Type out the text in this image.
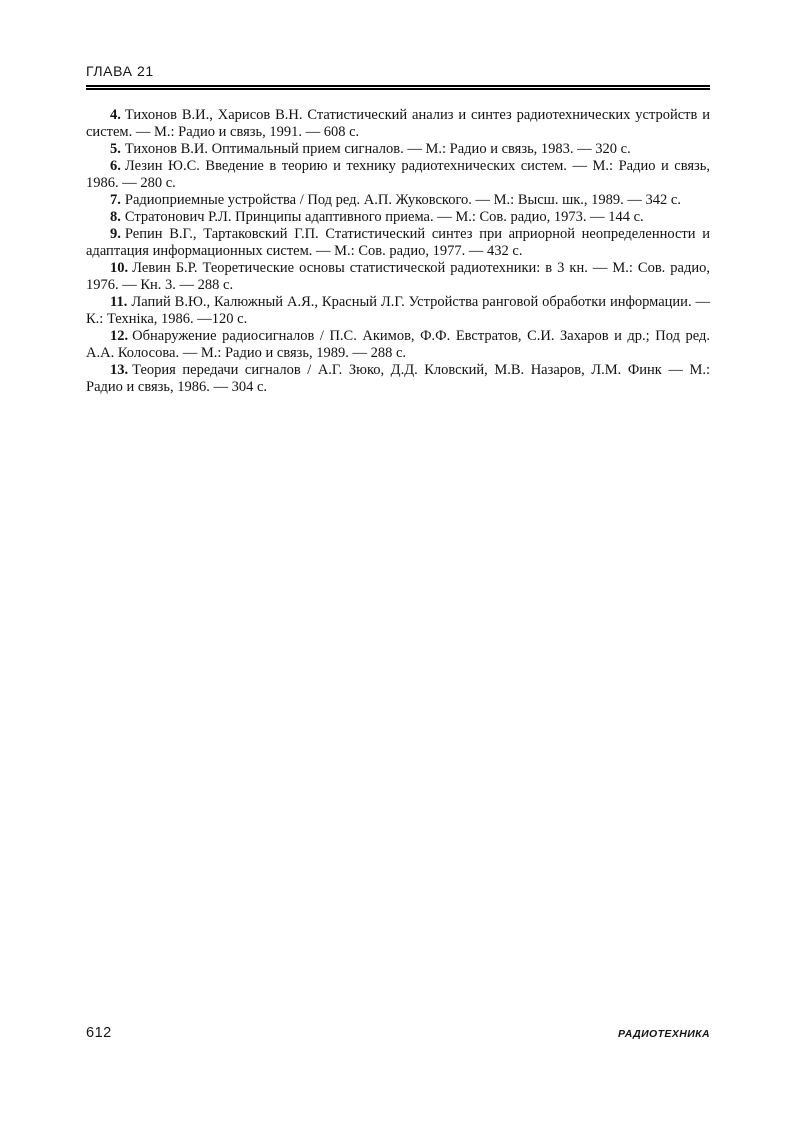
ГЛАВА 21

4. Тихонов В.И., Харисов В.Н. Статистический анализ и синтез радиотехнических устройств и систем. — М.: Радио и связь, 1991. — 608 с.

5. Тихонов В.И. Оптимальный прием сигналов. — М.: Радио и связь, 1983. — 320 с.

6. Лезин Ю.С. Введение в теорию и технику радиотехнических систем. — М.: Радио и связь, 1986. — 280 с.

7. Радиоприемные устройства / Под ред. А.П. Жуковского. — М.: Высш. шк., 1989. — 342 с.

8. Стратонович Р.Л. Принципы адаптивного приема. — М.: Сов. радио, 1973. — 144 с.

9. Репин В.Г., Тартаковский Г.П. Статистический синтез при априорной неопределенности и адаптация информационных систем. — М.: Сов. радио, 1977. — 432 с.

10. Левин Б.Р. Теоретические основы статистической радиотехники: в 3 кн. — М.: Сов. радио, 1976. — Кн. 3. — 288 с.

11. Лапий В.Ю., Калюжный А.Я., Красный Л.Г. Устройства ранговой обработки информации. — К.: Технiка, 1986. —120 с.

12. Обнаружение радиосигналов / П.С. Акимов, Ф.Ф. Евстратов, С.И. Захаров и др.; Под ред. А.А. Колосова. — М.: Радио и связь, 1989. — 288 с.

13. Теория передачи сигналов / А.Г. Зюко, Д.Д. Кловский, М.В. Назаров, Л.М. Финк — М.: Радио и связь, 1986. — 304 с.

612	РАДИОТЕХНИКА
